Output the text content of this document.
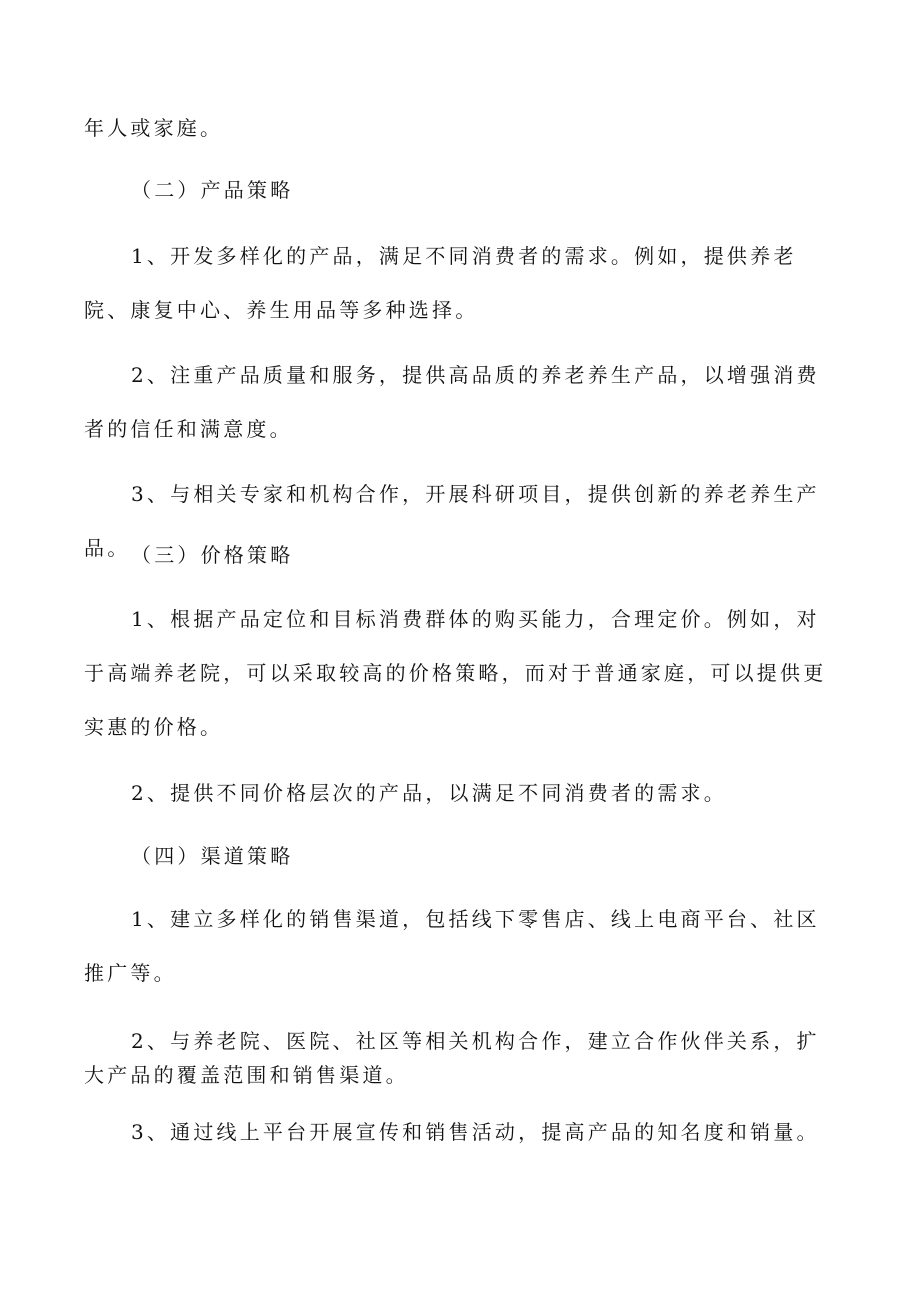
年人或家庭。

（二）产品策略

1、开发多样化的产品，满足不同消费者的需求。例如，提供养老院、康复中心、养生用品等多种选择。

2、注重产品质量和服务，提供高品质的养老养生产品，以增强消费者的信任和满意度。

3、与相关专家和机构合作，开展科研项目，提供创新的养老养生产品。 （三）价格策略

1、根据产品定位和目标消费群体的购买能力，合理定价。例如，对于高端养老院，可以采取较高的价格策略，而对于普通家庭，可以提供更实惠的价格。

2、提供不同价格层次的产品，以满足不同消费者的需求。

（四）渠道策略

1、建立多样化的销售渠道，包括线下零售店、线上电商平台、社区推广等。

2、与养老院、医院、社区等相关机构合作，建立合作伙伴关系，扩大产品的覆盖范围和销售渠道。

3、通过线上平台开展宣传和销售活动，提高产品的知名度和销量。
